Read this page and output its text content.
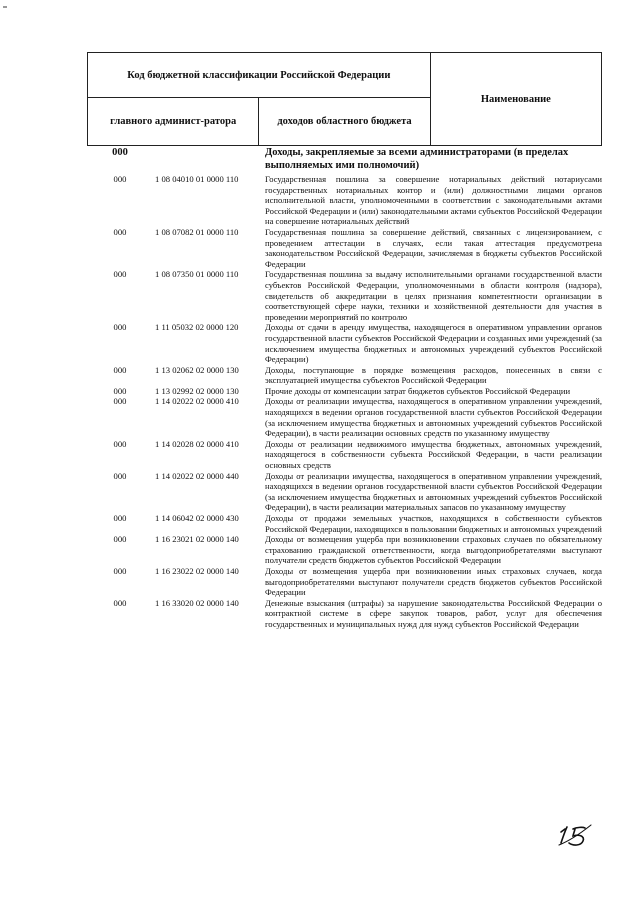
Код бюджетной классификации Российской Федерации		Наименование
главного админист-ратора	доходов областного бюджета	
000	Доходы, закрепляемые за всеми администраторами (в пределах выполняемых ими полномочий)
000	1 08 04010 01 0000 110	Государственная пошлина за совершение нотариальных действий нотариусами государственных нотариальных контор и (или) должностными лицами органов исполнительной власти, уполномоченными в соответствии с законодательными актами Российской Федерации и (или) законодательными актами субъектов Российской Федерации на совершение нотариальных действий
000	1 08 07082 01 0000 110	Государственная пошлина за совершение действий, связанных с лицензированием, с проведением аттестации в случаях, если такая аттестация предусмотрена законодательством Российской Федерации, зачисляемая в бюджеты субъектов Российской Федерации
000	1 08 07350 01 0000 110	Государственная пошлина за выдачу исполнительными органами государственной власти субъектов Российской Федерации, уполномоченными в области контроля (надзора), свидетельств об аккредитации в целях признания компетентности организации в соответствующей сфере науки, техники и хозяйственной деятельности для участия в проведении мероприятий по контролю
000	1 11 05032 02 0000 120	Доходы от сдачи в аренду имущества, находящегося в оперативном управлении органов государственной власти субъектов Российской Федерации и созданных ими учреждений (за исключением имущества бюджетных и автономных учреждений субъектов Российской Федерации)
000	1 13 02062 02 0000 130	Доходы, поступающие в порядке возмещения расходов, понесенных в связи с эксплуатацией имущества субъектов Российской Федерации
000	1 13 02992 02 0000 130	Прочие доходы от компенсации затрат бюджетов субъектов Российской Федерации
000	1 14 02022 02 0000 410	Доходы от реализации имущества, находящегося в оперативном управлении учреждений, находящихся в ведении органов государственной власти субъектов Российской Федерации (за исключением имущества бюджетных и автономных учреждений субъектов Российской Федерации), в части реализации основных средств по указанному имуществу
000	1 14 02028 02 0000 410	Доходы от реализации недвижимого имущества бюджетных, автономных учреждений, находящегося в собственности субъекта Российской Федерации, в части реализации основных средств
000	1 14 02022 02 0000 440	Доходы от реализации имущества, находящегося в оперативном управлении учреждений, находящихся в ведении органов государственной власти субъектов Российской Федерации (за исключением имущества бюджетных и автономных учреждений субъектов Российской Федерации), в части реализации материальных запасов по указанному имуществу
000	1 14 06042 02 0000 430	Доходы от продажи земельных участков, находящихся в собственности субъектов Российской Федерации, находящихся в пользовании бюджетных и автономных учреждений
000	1 16 23021 02 0000 140	Доходы от возмещения ущерба при возникновении страховых случаев по обязательному страхованию гражданской ответственности, когда выгодоприобретателями выступают получатели средств бюджетов субъектов Российской Федерации
000	1 16 23022 02 0000 140	Доходы от возмещения ущерба при возникновении иных страховых случаев, когда выгодоприобретателями выступают получатели средств бюджетов субъектов Российской Федерации
000	1 16 33020 02 0000 140	Денежные взыскания (штрафы) за нарушение законодательства Российской Федерации о контрактной системе в сфере закупок товаров, работ, услуг для обеспечения государственных и муниципальных нужд для нужд субъектов Российской Федерации
